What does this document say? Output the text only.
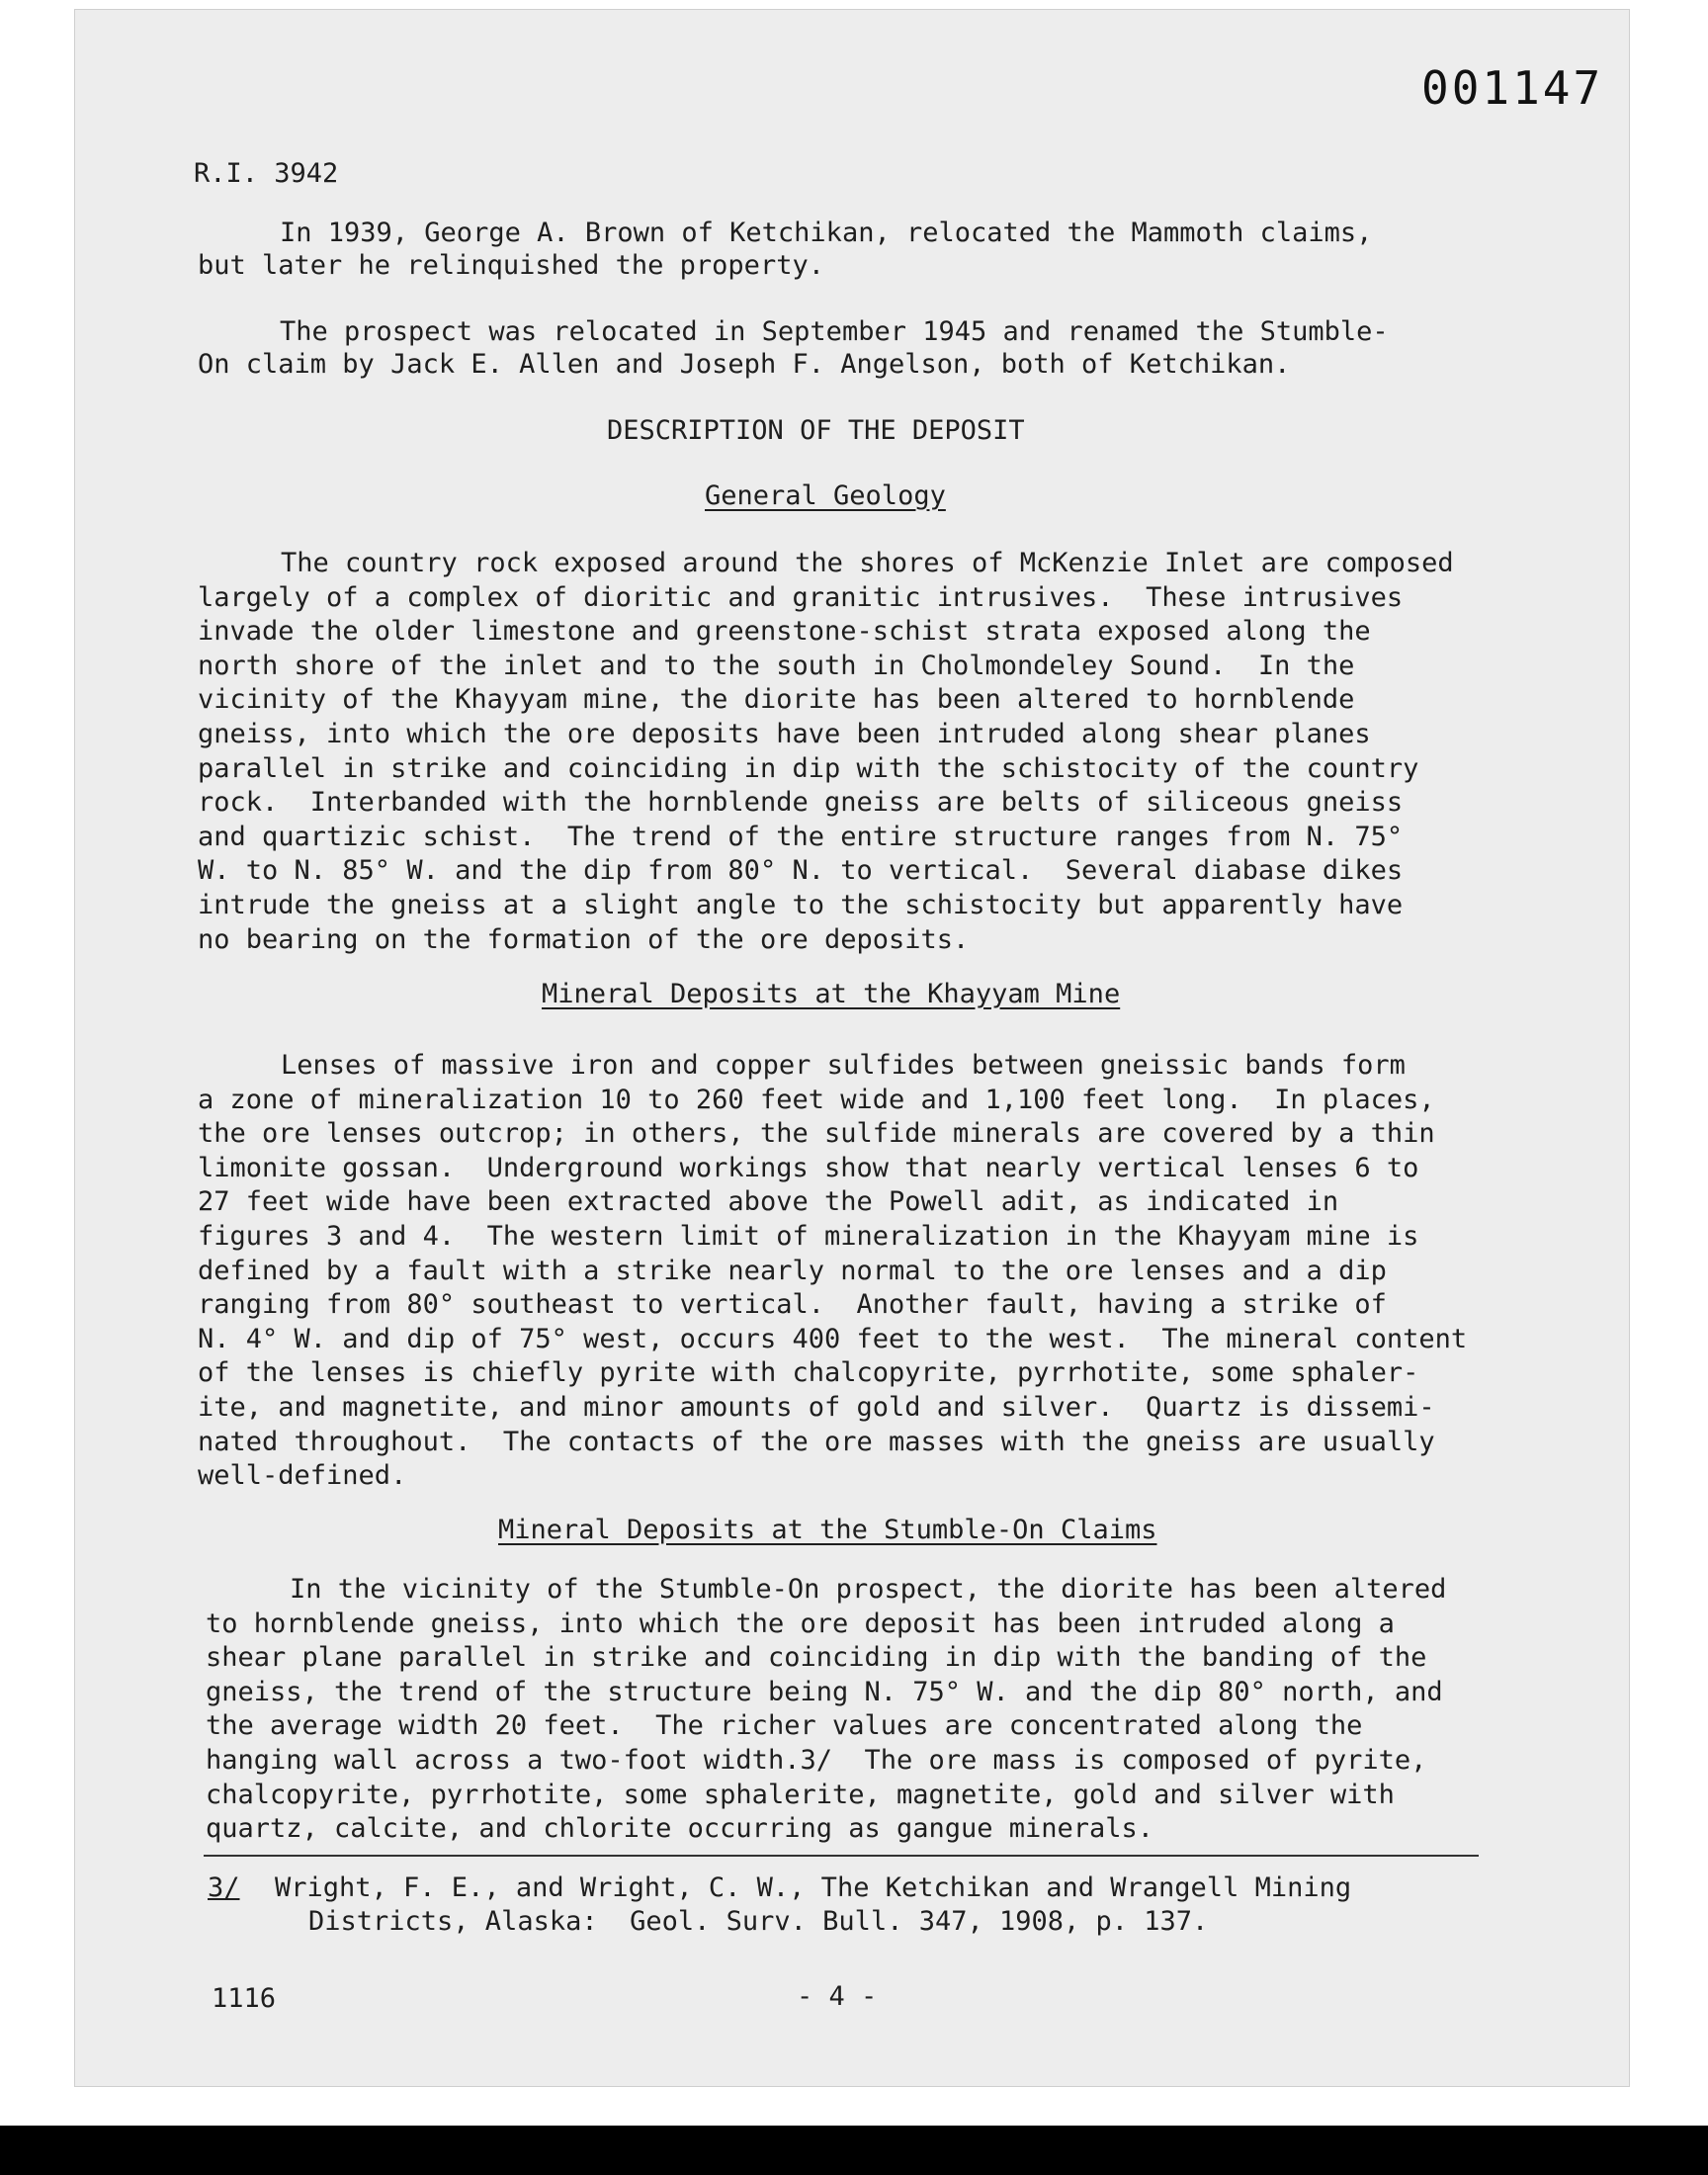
001147
R.I. 3942
In 1939, George A. Brown of Ketchikan, relocated the Mammoth claims,
but later he relinquished the property.
The prospect was relocated in September 1945 and renamed the Stumble-
On claim by Jack E. Allen and Joseph F. Angelson, both of Ketchikan.
DESCRIPTION OF THE DEPOSIT
General Geology
The country rock exposed around the shores of McKenzie Inlet are composed
largely of a complex of dioritic and granitic intrusives.  These intrusives
invade the older limestone and greenstone-schist strata exposed along the
north shore of the inlet and to the south in Cholmondeley Sound.  In the
vicinity of the Khayyam mine, the diorite has been altered to hornblende
gneiss, into which the ore deposits have been intruded along shear planes
parallel in strike and coinciding in dip with the schistocity of the country
rock.  Interbanded with the hornblende gneiss are belts of siliceous gneiss
and quartizic schist.  The trend of the entire structure ranges from N. 75°
W. to N. 85° W. and the dip from 80° N. to vertical.  Several diabase dikes
intrude the gneiss at a slight angle to the schistocity but apparently have
no bearing on the formation of the ore deposits.
Mineral Deposits at the Khayyam Mine
Lenses of massive iron and copper sulfides between gneissic bands form
a zone of mineralization 10 to 260 feet wide and 1,100 feet long.  In places,
the ore lenses outcrop; in others, the sulfide minerals are covered by a thin
limonite gossan.  Underground workings show that nearly vertical lenses 6 to
27 feet wide have been extracted above the Powell adit, as indicated in
figures 3 and 4.  The western limit of mineralization in the Khayyam mine is
defined by a fault with a strike nearly normal to the ore lenses and a dip
ranging from 80° southeast to vertical.  Another fault, having a strike of
N. 4° W. and dip of 75° west, occurs 400 feet to the west.  The mineral content
of the lenses is chiefly pyrite with chalcopyrite, pyrrhotite, some sphaler-
ite, and magnetite, and minor amounts of gold and silver.  Quartz is dissemi-
nated throughout.  The contacts of the ore masses with the gneiss are usually
well-defined.
Mineral Deposits at the Stumble-On Claims
In the vicinity of the Stumble-On prospect, the diorite has been altered
to hornblende gneiss, into which the ore deposit has been intruded along a
shear plane parallel in strike and coinciding in dip with the banding of the
gneiss, the trend of the structure being N. 75° W. and the dip 80° north, and
the average width 20 feet.  The richer values are concentrated along the
hanging wall across a two-foot width.3/  The ore mass is composed of pyrite,
chalcopyrite, pyrrhotite, some sphalerite, magnetite, gold and silver with
quartz, calcite, and chlorite occurring as gangue minerals.
3/ Wright, F. E., and Wright, C. W., The Ketchikan and Wrangell Mining
Districts, Alaska:  Geol. Surv. Bull. 347, 1908, p. 137.
1116	- 4 -
